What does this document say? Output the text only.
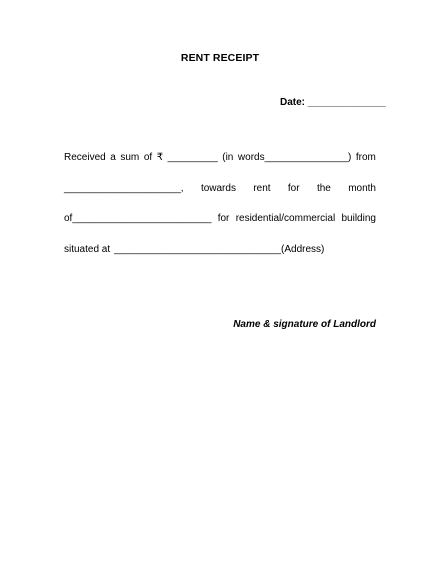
RENT RECEIPT
Date: ______________
Received a sum of ₹ _________ (in words_______________) from
_____________________, towards rent for the month
of_________________________ for residential/commercial building
situated at ______________________________(Address)
Name & signature of Landlord
